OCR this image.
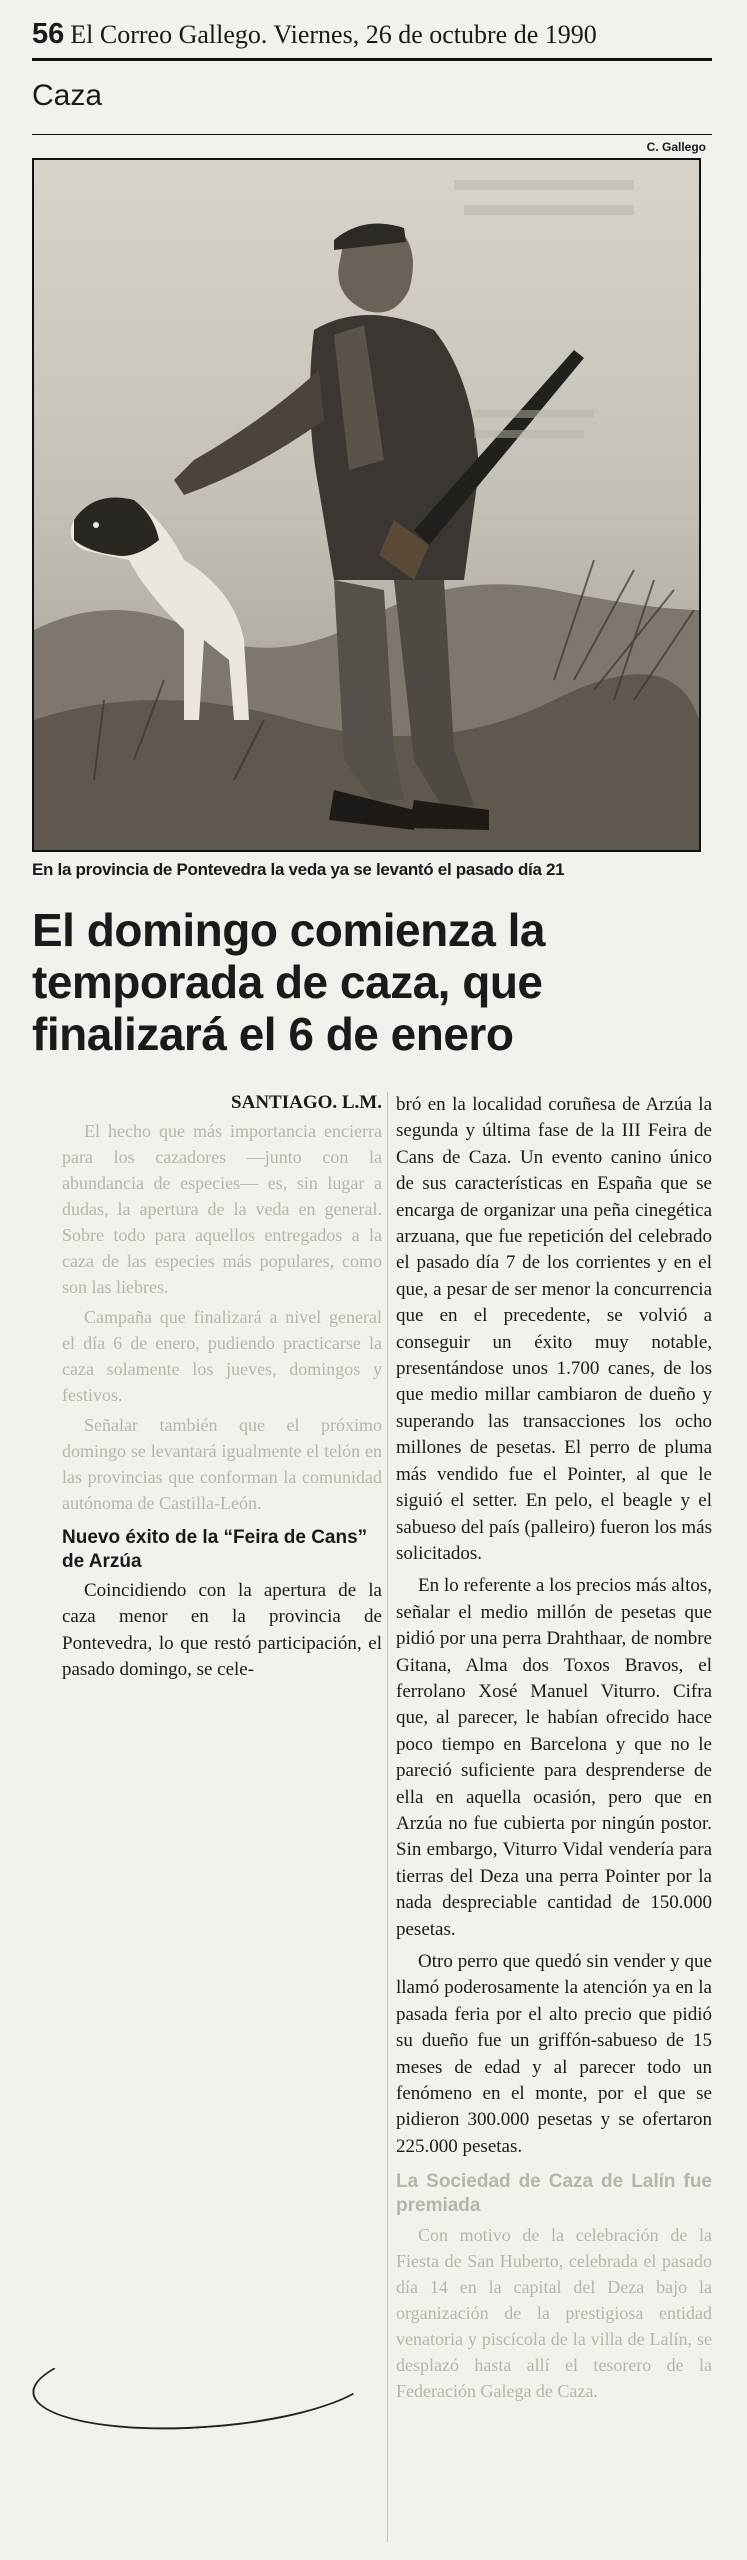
56 El Correo Gallego. Viernes, 26 de octubre de 1990
Caza
C. Gallego
En la provincia de Pontevedra la veda ya se levantó el pasado día 21
El domingo comienza la temporada de caza, que finalizará el 6 de enero
SANTIAGO. L.M.

El hecho que más importancia encierra para los cazadores —junto con la abundancia de especies— es, sin lugar a dudas, la apertura de la veda en general. Sobre todo para aquellos entregados a la caza de las especies más populares, como son las liebres.

Campaña que finalizará a nivel general el día 6 de enero, pudiendo practicarse la caza solamente los jueves, domingos y festivos.

Señalar también que el próximo domingo se levantará igualmente el telón en las provincias que conforman la comunidad autónoma de Castilla-León.

Nuevo éxito de la “Feira de Cans” de Arzúa

Coincidiendo con la apertura de la caza menor en la provincia de Pontevedra, lo que restó participación, el pasado domingo, se cele-

bró en la localidad coruñesa de Arzúa la segunda y última fase de la III Feira de Cans de Caza. Un evento canino único de sus características en España que se encarga de organizar una peña cinegética arzuana, que fue repetición del celebrado el pasado día 7 de los corrientes y en el que, a pesar de ser menor la concurrencia que en el precedente, se volvió a conseguir un éxito muy notable, presentándose unos 1.700 canes, de los que medio millar cambiaron de dueño y superando las transacciones los ocho millones de pesetas. El perro de pluma más vendido fue el Pointer, al que le siguió el setter. En pelo, el beagle y el sabueso del país (palleiro) fueron los más solicitados.

En lo referente a los precios más altos, señalar el medio millón de pesetas que pidió por una perra Drahthaar, de nombre Gitana, Alma dos Toxos Bravos, el ferrolano Xosé Manuel Viturro. Cifra que, al parecer, le habían ofrecido hace poco tiempo en Barcelona y que no le pareció suficiente para desprenderse de ella en aquella ocasión, pero que en Arzúa no fue cubierta por ningún postor. Sin embargo, Viturro Vidal vendería para tierras del Deza una perra Pointer por la nada despreciable cantidad de 150.000 pesetas.

Otro perro que quedó sin vender y que llamó poderosamente la atención ya en la pasada feria por el alto precio que pidió su dueño fue un griffón-sabueso de 15 meses de edad y al parecer todo un fenómeno en el monte, por el que se pidieron 300.000 pesetas y se ofertaron 225.000 pesetas.

La Sociedad de Caza de Lalín fue premiada

Con motivo de la celebración de la Fiesta de San Huberto, celebrada el pasado día 14 en la capital del Deza bajo la organización de la prestigiosa entidad venatoria y piscícola de la villa de Lalín, se desplazó hasta allí el tesorero de la Federación Galega de Caza.
